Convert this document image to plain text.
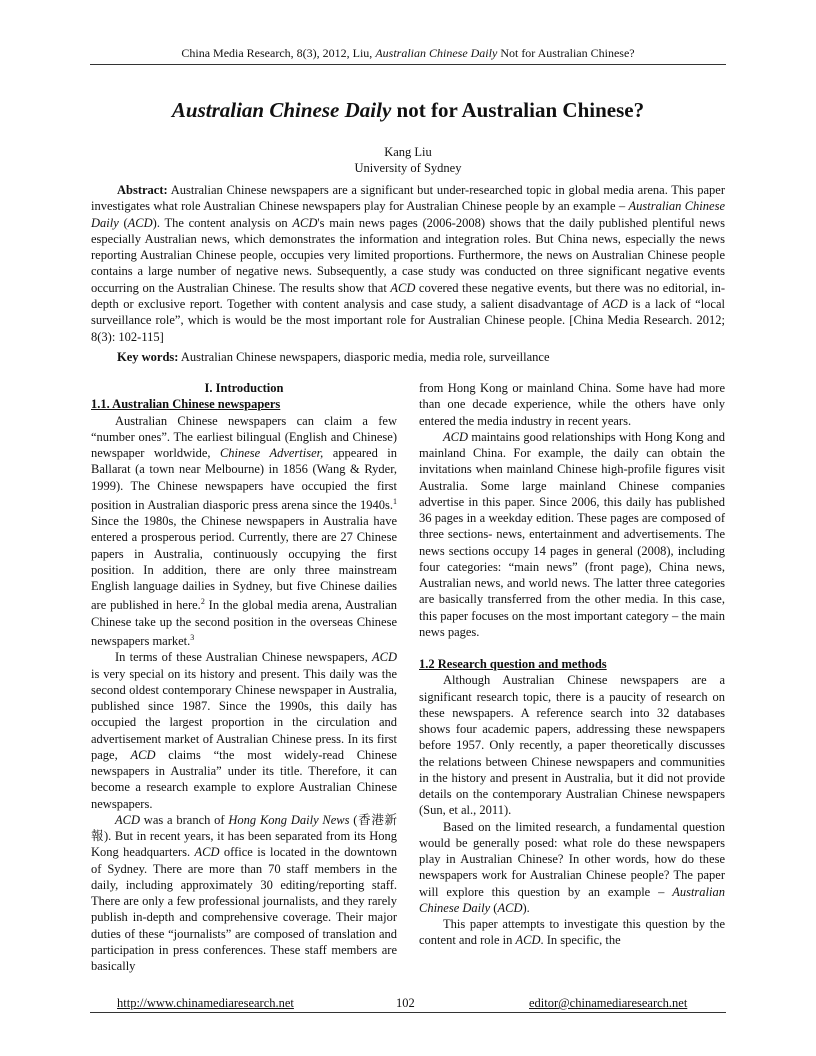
China Media Research, 8(3), 2012, Liu, Australian Chinese Daily Not for Australian Chinese?
Australian Chinese Daily not for Australian Chinese?
Kang Liu
University of Sydney

Abstract: Australian Chinese newspapers are a significant but under-researched topic in global media arena. This paper investigates what role Australian Chinese newspapers play for Australian Chinese people by an example – Australian Chinese Daily (ACD). The content analysis on ACD's main news pages (2006-2008) shows that the daily published plentiful news especially Australian news, which demonstrates the information and integration roles. But China news, especially the news reporting Australian Chinese people, occupies very limited proportions. Furthermore, the news on Australian Chinese people contains a large number of negative news. Subsequently, a case study was conducted on three significant negative events occurring on the Australian Chinese. The results show that ACD covered these negative events, but there was no editorial, in-depth or exclusive report. Together with content analysis and case study, a salient disadvantage of ACD is a lack of “local surveillance role”, which is would be the most important role for Australian Chinese people. [China Media Research. 2012; 8(3): 102-115]

Key words: Australian Chinese newspapers, diasporic media, media role, surveillance

I. Introduction
1.1. Australian Chinese newspapers

Australian Chinese newspapers can claim a few “number ones”. The earliest bilingual (English and Chinese) newspaper worldwide, Chinese Advertiser, appeared in Ballarat (a town near Melbourne) in 1856 (Wang & Ryder, 1999). The Chinese newspapers have occupied the first position in Australian diasporic press arena since the 1940s.$^1$ Since the 1980s, the Chinese newspapers in Australia have entered a prosperous period. Currently, there are 27 Chinese papers in Australia, continuously occupying the first position. In addition, there are only three mainstream English language dailies in Sydney, but five Chinese dailies are published in here.$^2$ In the global media arena, Australian Chinese take up the second position in the overseas Chinese newspapers market.$^3$

In terms of these Australian Chinese newspapers, ACD is very special on its history and present. This daily was the second oldest contemporary Chinese newspaper in Australia, published since 1987. Since the 1990s, this daily has occupied the largest proportion in the circulation and advertisement market of Australian Chinese press. In its first page, ACD claims “the most widely-read Chinese newspapers in Australia” under its title. Therefore, it can become a research example to explore Australian Chinese newspapers.

ACD was a branch of Hong Kong Daily News (香港新報). But in recent years, it has been separated from its Hong Kong headquarters. ACD office is located in the downtown of Sydney. There are more than 70 staff members in the daily, including approximately 30 editing/reporting staff. There are only a few professional journalists, and they rarely publish in-depth and comprehensive coverage. Their major duties of these “journalists” are composed of translation and participation in press conferences. These staff members are basically

from Hong Kong or mainland China. Some have had more than one decade experience, while the others have only entered the media industry in recent years.

ACD maintains good relationships with Hong Kong and mainland China. For example, the daily can obtain the invitations when mainland Chinese high-profile figures visit Australia. Some large mainland Chinese companies advertise in this paper. Since 2006, this daily has published 36 pages in a weekday edition. These pages are composed of three sections- news, entertainment and advertisements. The news sections occupy 14 pages in general (2008), including four categories: “main news” (front page), China news, Australian news, and world news. The latter three categories are basically transferred from the other media. In this case, this paper focuses on the most important category – the main news pages.

1.2 Research question and methods

Although Australian Chinese newspapers are a significant research topic, there is a paucity of research on these newspapers. A reference search into 32 databases shows four academic papers, addressing these newspapers before 1957. Only recently, a paper theoretically discusses the relations between Chinese newspapers and communities in the history and present in Australia, but it did not provide details on the contemporary Australian Chinese newspapers (Sun, et al., 2011).

Based on the limited research, a fundamental question would be generally posed: what role do these newspapers play in Australian Chinese? In other words, how do these newspapers work for Australian Chinese people? The paper will explore this question by an example – Australian Chinese Daily (ACD).

This paper attempts to investigate this question by the content and role in ACD. In specific, the

http://www.chinamediaresearch.net	102	editor@chinamediaresearch.net
